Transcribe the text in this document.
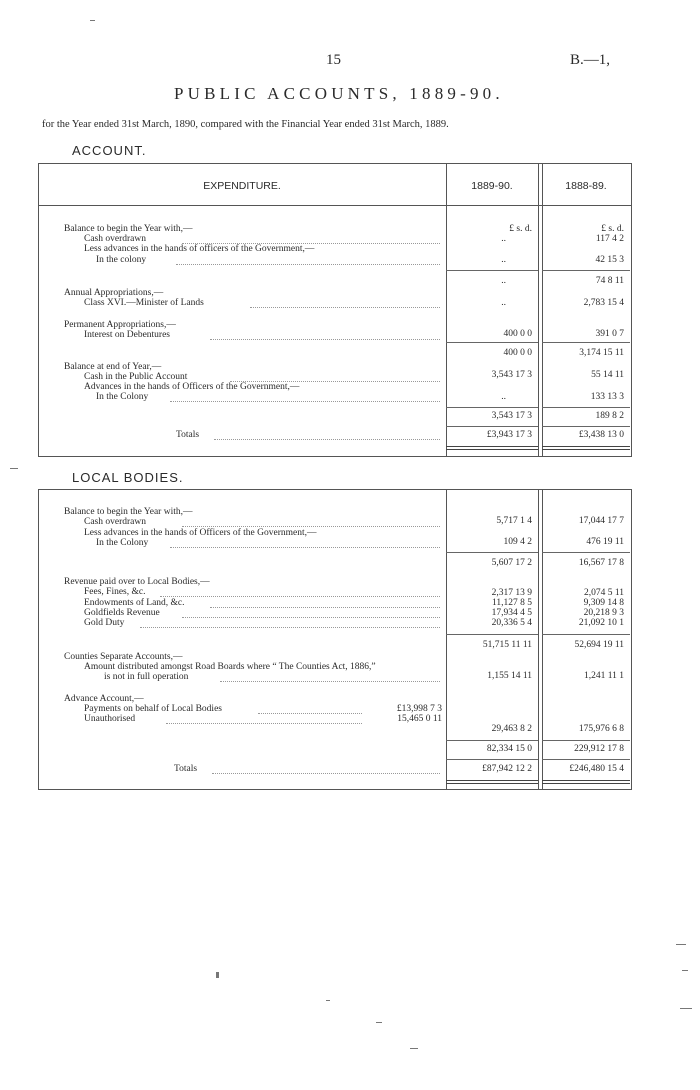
15	B.—1,
PUBLIC ACCOUNTS, 1889-90.
for the Year ended 31st March, 1890, compared with the Financial Year ended 31st March, 1889.
ACCOUNT.
EXPENDITURE.	1889-90.	1888-89.
£ s. d.	£ s. d.
Balance to begin the Year with,—
Cash overdrawn	..	117 4 2
Less advances in the hands of officers of the Government,—
In the colony	..	42 15 3
..	74 8 11
Annual Appropriations,—
Class XVI.—Minister of Lands	..	2,783 15 4
Permanent Appropriations,—
Interest on Debentures	400 0 0	391 0 7
400 0 0	3,174 15 11
Balance at end of Year,—
Cash in the Public Account	3,543 17 3	55 14 11
Advances in the hands of Officers of the Government,—
In the Colony	..	133 13 3
3,543 17 3	189 8 2
Totals	£3,943 17 3	£3,438 13 0
LOCAL BODIES.
Balance to begin the Year with,—
Cash overdrawn	5,717 1 4	17,044 17 7
Less advances in the hands of Officers of the Government,—
In the Colony	109 4 2	476 19 11
5,607 17 2	16,567 17 8
Revenue paid over to Local Bodies,—
Fees, Fines, &c.	2,317 13 9	2,074 5 11
Endowments of Land, &c.	11,127 8 5	9,309 14 8
Goldfields Revenue	17,934 4 5	20,218 9 3
Gold Duty	20,336 5 4	21,092 10 1
51,715 11 11	52,694 19 11
Counties Separate Accounts,—
Amount distributed amongst Road Boards where “ The Counties Act, 1886,”
is not in full operation	1,155 14 11	1,241 11 1
Advance Account,—
Payments on behalf of Local Bodies	£13,998 7 3
Unauthorised	15,465 0 11
29,463 8 2	175,976 6 8
82,334 15 0	229,912 17 8
Totals	£87,942 12 2	£246,480 15 4
